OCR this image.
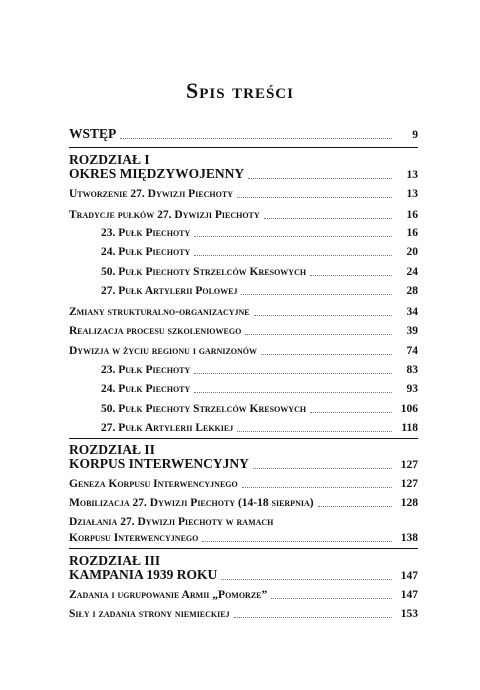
Spis treści
WSTĘP	9
ROZDZIAŁ I
OKRES MIĘDZYWOJENNY	13
Utworzenie 27. Dywizji Piechoty	13
Tradycje pułków 27. Dywizji Piechoty	16
23. Pułk Piechoty	16
24. Pułk Piechoty	20
50. Pułk Piechoty Strzelców Kresowych	24
27. Pułk Artylerii Polowej	28
Zmiany strukturalno-organizacyjne	34
Realizacja procesu szkoleniowego	39
Dywizja w życiu regionu i garnizonów	74
23. Pułk Piechoty	83
24. Pułk Piechoty	93
50. Pułk Piechoty Strzelców Kresowych	106
27. Pułk Artylerii Lekkiej	118
ROZDZIAŁ II
KORPUS INTERWENCYJNY	127
Geneza Korpusu Interwencyjnego	127
Mobilizacja 27. Dywizji Piechoty (14-18 sierpnia)	128
Działania 27. Dywizji Piechoty w ramach
Korpusu Interwencyjnego	138
ROZDZIAŁ III
KAMPANIA 1939 ROKU	147
Zadania i ugrupowanie Armii „Pomorze”	147
Siły i zadania strony niemieckiej	153
